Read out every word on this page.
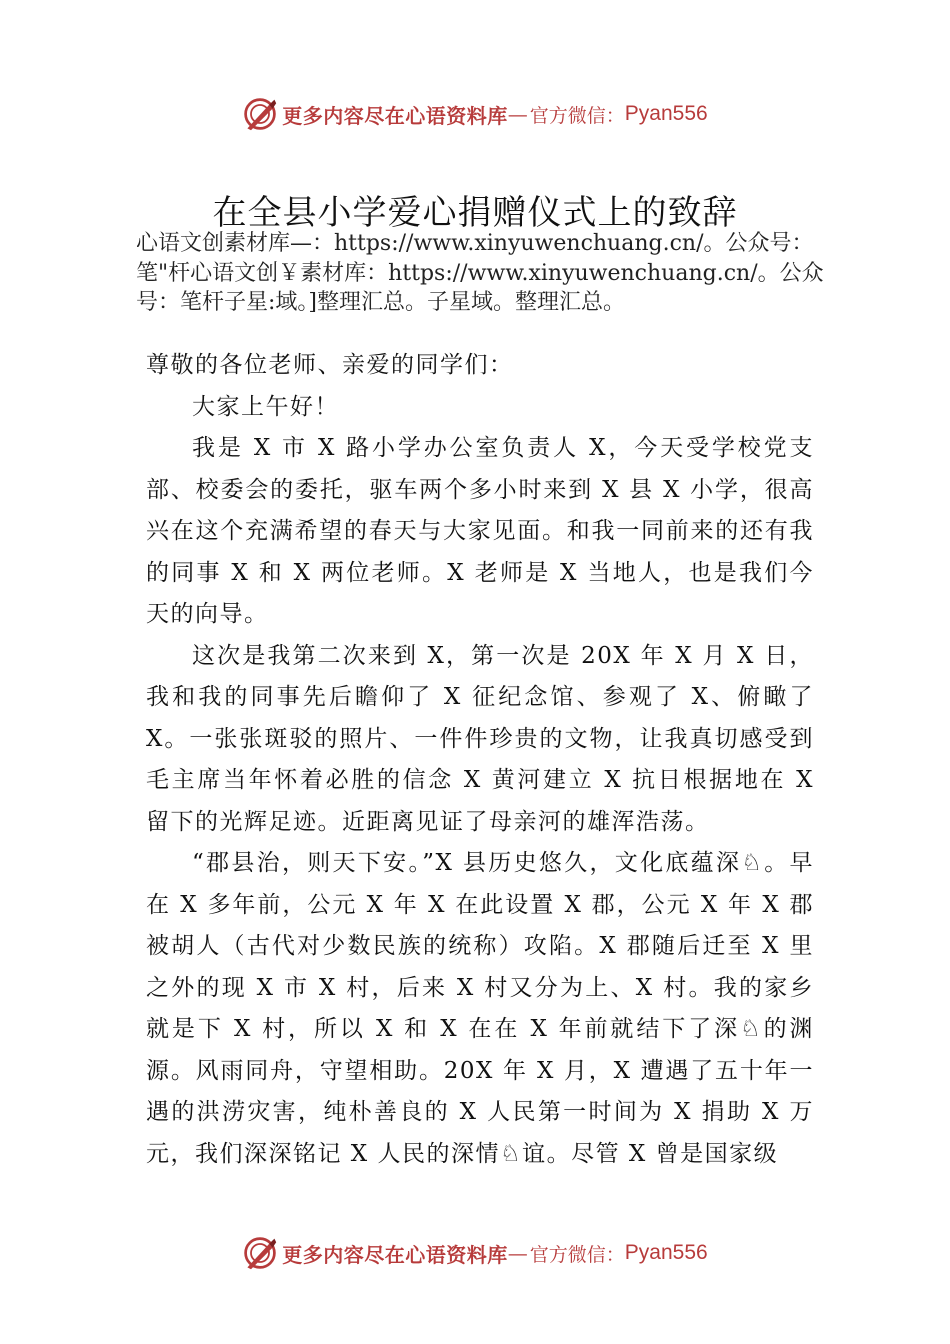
更多内容尽在心语资料库 — 官方微信： Pyan556
在全县小学爱心捐赠仪式上的致辞
心语文创素材库—：https://www.xinyuwenchuang.cn/。公众号：笔"杆心语文创￥素材库：https://www.xinyuwenchuang.cn/。公众号：笔杆子星:域。]整理汇总。子星域。整理汇总。

尊敬的各位老师、亲爱的同学们：

大家上午好！

我是 X 市 X 路小学办公室负责人 X，今天受学校党支部、校委会的委托，驱车两个多小时来到 X 县 X 小学，很高兴在这个充满希望的春天与大家见面。和我一同前来的还有我的同事 X 和 X 两位老师。X 老师是 X 当地人，也是我们今天的向导。

这次是我第二次来到 X，第一次是 20X 年 X 月 X 日，我和我的同事先后瞻仰了 X 征纪念馆、参观了 X、俯瞰了 X。一张张斑驳的照片、一件件珍贵的文物，让我真切感受到毛主席当年怀着必胜的信念 X 黄河建立 X 抗日根据地在 X 留下的光辉足迹。近距离见证了母亲河的雄浑浩荡。

“郡县治，则天下安。”X 县历史悠久，文化底蕴深♘。早在 X 多年前，公元 X 年 X 在此设置 X 郡，公元 X 年 X 郡被胡人（古代对少数民族的统称）攻陷。X 郡随后迁至 X 里之外的现 X 市 X 村，后来 X 村又分为上、X 村。我的家乡就是下 X 村，所以 X 和 X 在在 X 年前就结下了深♘的渊源。风雨同舟，守望相助。20X 年 X 月，X 遭遇了五十年一遇的洪涝灾害，纯朴善良的 X 人民第一时间为 X 捐助 X 万元，我们深深铭记 X 人民的深情♘谊。尽管 X 曾是国家级

更多内容尽在心语资料库 — 官方微信： Pyan556
